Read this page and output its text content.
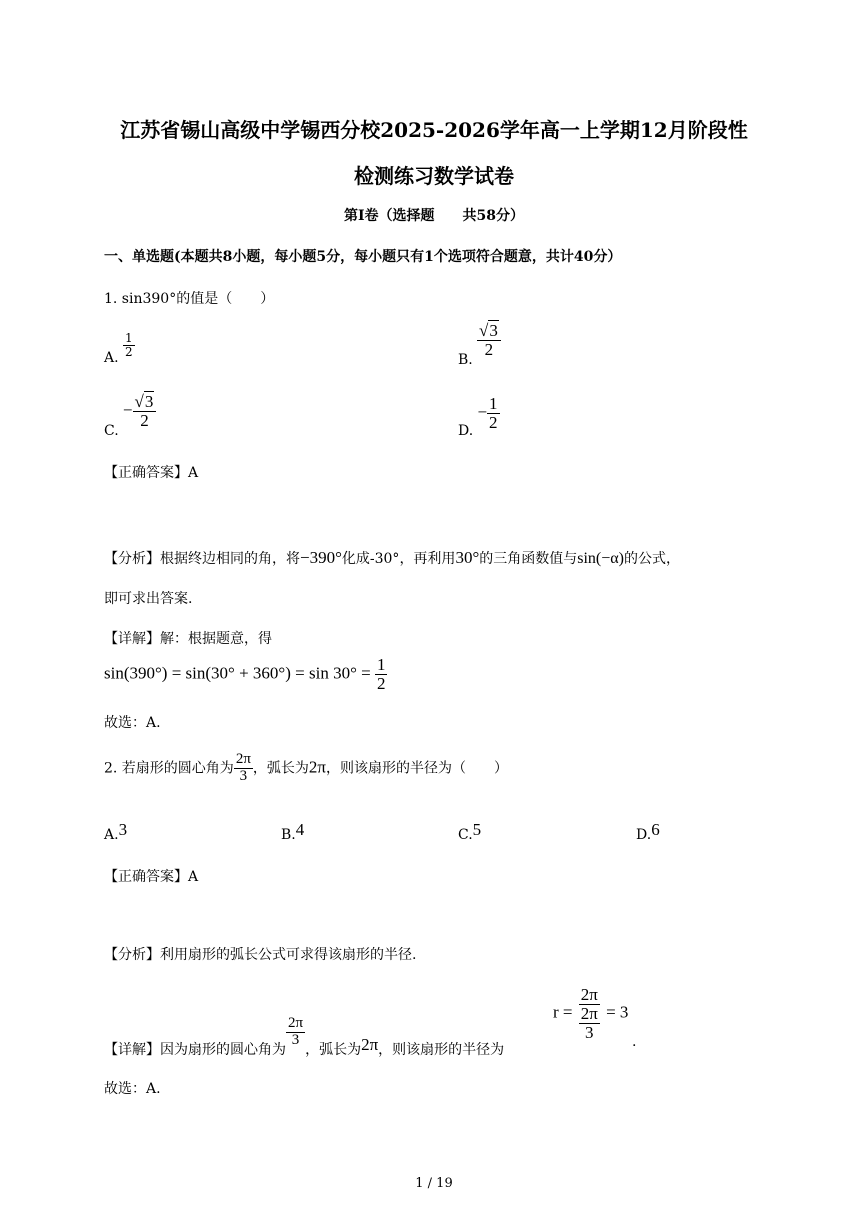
江苏省锡山高级中学锡西分校2025-2026学年高一上学期12月阶段性
检测练习数学试卷
第I卷（选择题　　共58分）
一、单选题(本题共8小题，每小题5分，每小题只有1个选项符合题意，共计40分）
1. sin390°的值是（　　）
A. $\frac{1}{2}$
$_{B.}$
$\frac{√3}{2}$
$_{C.} - \frac{√3}{2}$
$_{D.} - \frac{1}{2}$
【正确答案】A
【分析】根据终边相同的角，将−390°化成-30°，再利用30°的三角函数值与sin(−α)的公式，
即可求出答案.
【详解】解：根据题意，得
$\sin(390^\circ) = \sin(30^\circ + 360^\circ) = \sin 30^\circ = \frac{1}{2}$
故选：A.
2. 若扇形的圆心角为 $\frac{2\pi}{3}$ ，弧长为2π，则该扇形的半径为（　　）
A.3	B.4	C.5	D.6
【正确答案】A
【分析】利用扇形的弧长公式可求得该扇形的半径.
【详解】因为扇形的圆心角为
$\frac{2\pi}{3}$
，弧长为2π，则该扇形的半径为
$r = \frac{2\pi}{\frac{2\pi}{3}} = 3$
.
故选：A.
1 / 19
